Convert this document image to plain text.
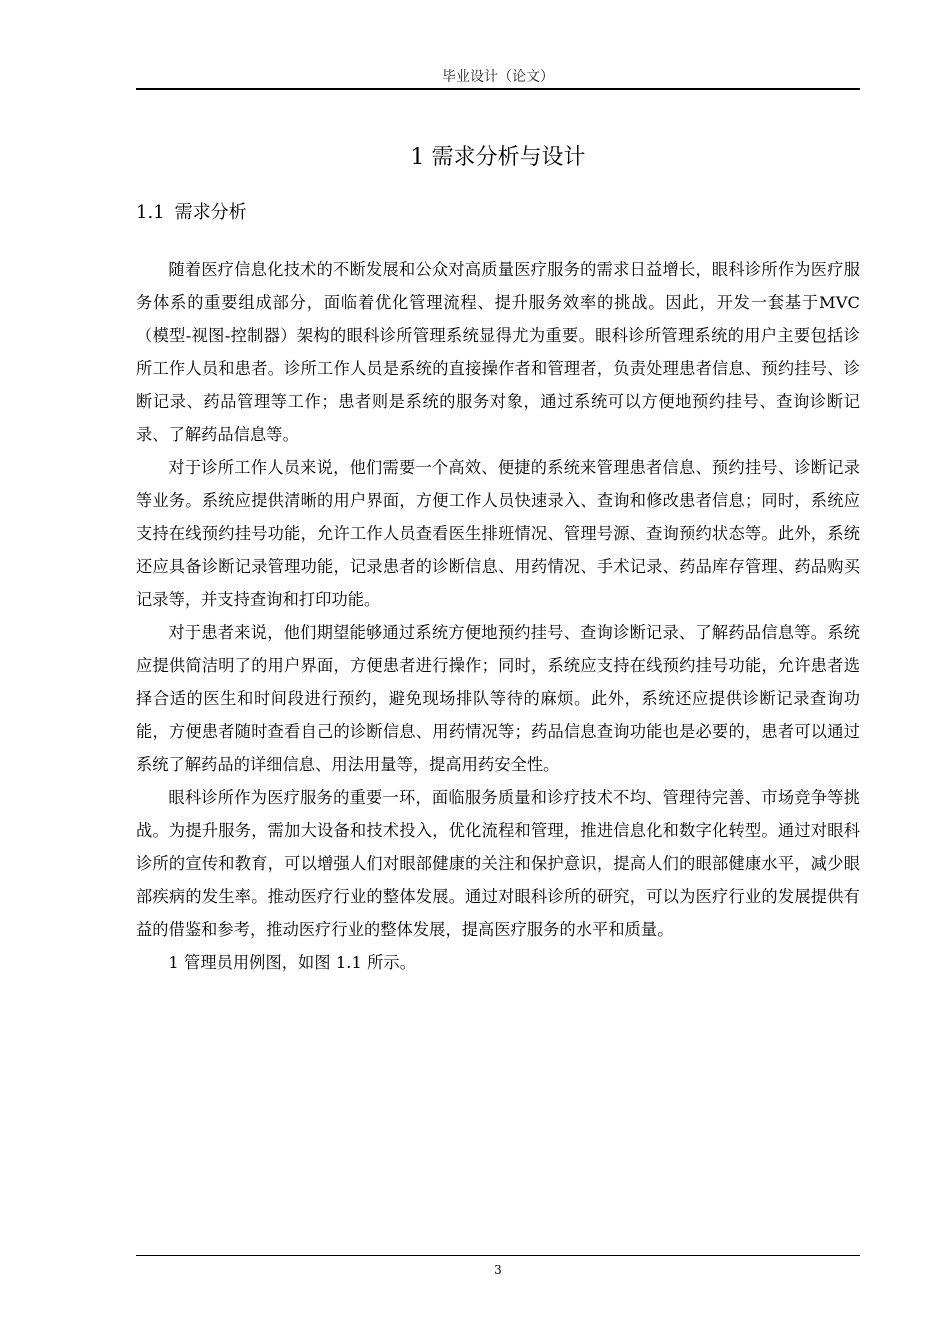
毕业设计（论文）
1 需求分析与设计
1.1 需求分析

随着医疗信息化技术的不断发展和公众对高质量医疗服务的需求日益增长，眼科诊所作为医疗服务体系的重要组成部分，面临着优化管理流程、提升服务效率的挑战。因此，开发一套基于MVC（模型-视图-控制器）架构的眼科诊所管理系统显得尤为重要。眼科诊所管理系统的用户主要包括诊所工作人员和患者。诊所工作人员是系统的直接操作者和管理者，负责处理患者信息、预约挂号、诊断记录、药品管理等工作；患者则是系统的服务对象，通过系统可以方便地预约挂号、查询诊断记录、了解药品信息等。

对于诊所工作人员来说，他们需要一个高效、便捷的系统来管理患者信息、预约挂号、诊断记录等业务。系统应提供清晰的用户界面，方便工作人员快速录入、查询和修改患者信息；同时，系统应支持在线预约挂号功能，允许工作人员查看医生排班情况、管理号源、查询预约状态等。此外，系统还应具备诊断记录管理功能，记录患者的诊断信息、用药情况、手术记录、药品库存管理、药品购买记录等，并支持查询和打印功能。

对于患者来说，他们期望能够通过系统方便地预约挂号、查询诊断记录、了解药品信息等。系统应提供简洁明了的用户界面，方便患者进行操作；同时，系统应支持在线预约挂号功能，允许患者选择合适的医生和时间段进行预约，避免现场排队等待的麻烦。此外，系统还应提供诊断记录查询功能，方便患者随时查看自己的诊断信息、用药情况等；药品信息查询功能也是必要的，患者可以通过系统了解药品的详细信息、用法用量等，提高用药安全性。

眼科诊所作为医疗服务的重要一环，面临服务质量和诊疗技术不均、管理待完善、市场竞争等挑战。为提升服务，需加大设备和技术投入，优化流程和管理，推进信息化和数字化转型。通过对眼科诊所的宣传和教育，可以增强人们对眼部健康的关注和保护意识，提高人们的眼部健康水平，减少眼部疾病的发生率。推动医疗行业的整体发展。通过对眼科诊所的研究，可以为医疗行业的发展提供有益的借鉴和参考，推动医疗行业的整体发展，提高医疗服务的水平和质量。

1 管理员用例图，如图 1.1 所示。

3
